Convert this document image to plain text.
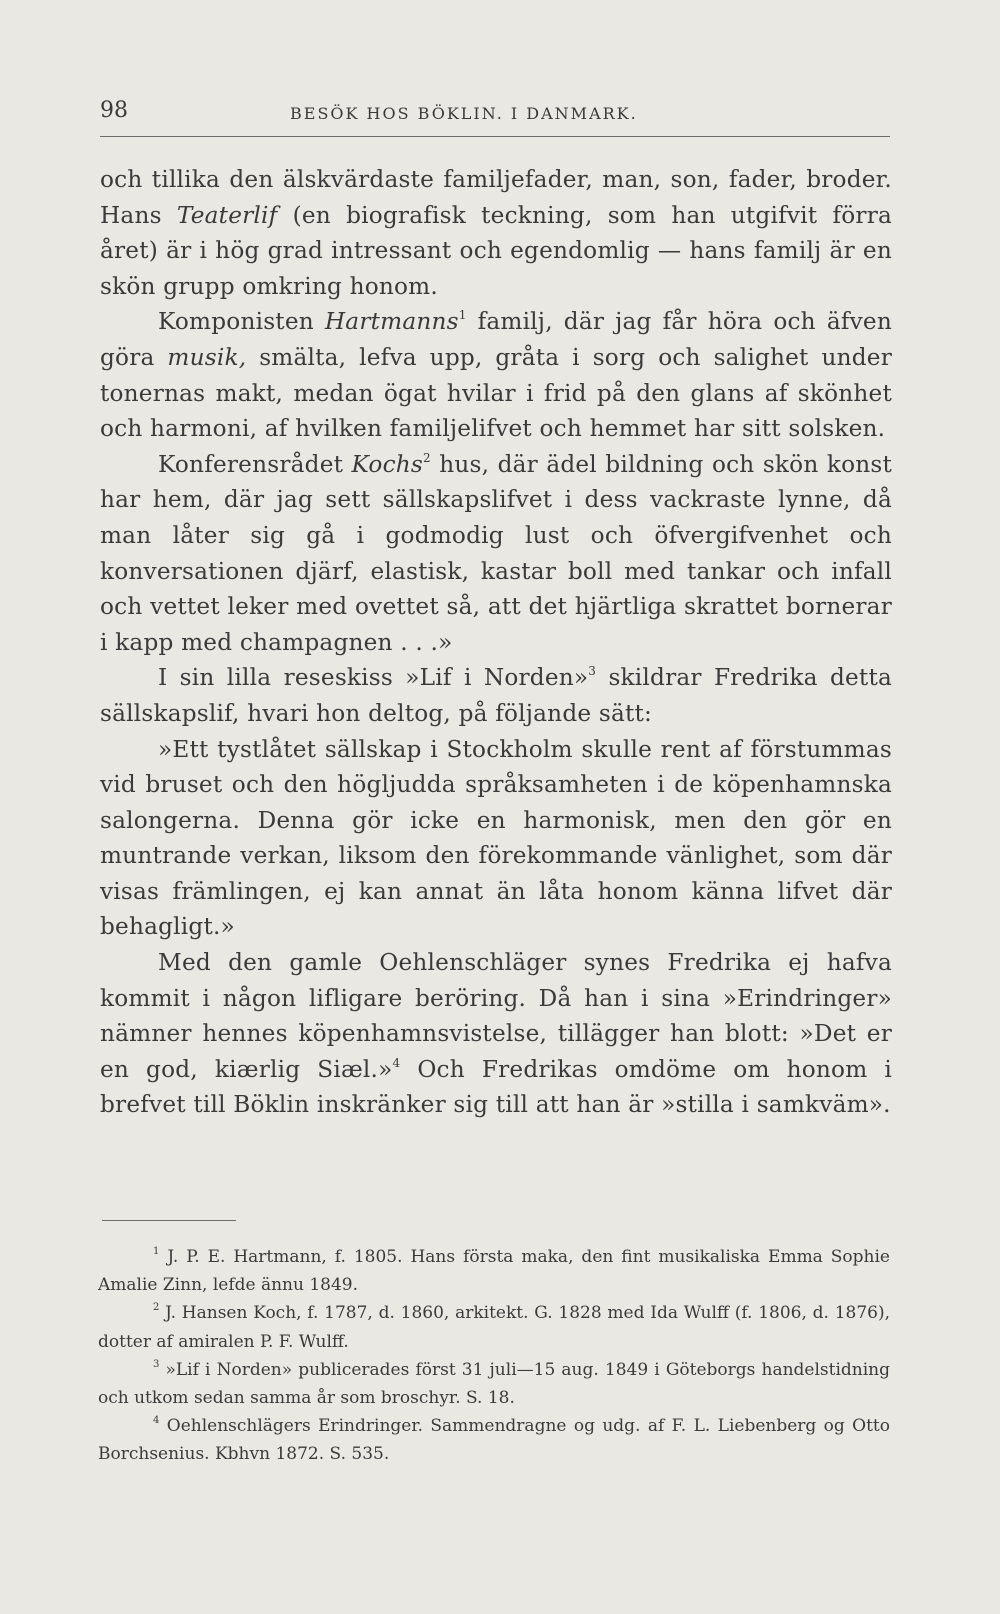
98	BESÖK HOS BÖKLIN. I DANMARK.

och tillika den älskvärdaste familjefader, man, son, fader, broder. Hans Teaterlif (en biografisk teckning, som han utgifvit förra året) är i hög grad intressant och egendomlig — hans familj är en skön grupp omkring honom.

Komponisten Hartmanns$^1$ familj, där jag får höra och äfven göra musik, smälta, lefva upp, gråta i sorg och salighet under tonernas makt, medan ögat hvilar i frid på den glans af skönhet och harmoni, af hvilken familjelifvet och hemmet har sitt solsken.

Konferensrådet Kochs$^2$ hus, där ädel bildning och skön konst har hem, där jag sett sällskapslifvet i dess vackraste lynne, då man låter sig gå i godmodig lust och öfvergifvenhet och konversationen djärf, elastisk, kastar boll med tankar och infall och vettet leker med ovettet så, att det hjärtliga skrattet bornerar i kapp med champagnen . . .»

I sin lilla reseskiss »Lif i Norden»$^3$ skildrar Fredrika detta sällskapslif, hvari hon deltog, på följande sätt:

»Ett tystlåtet sällskap i Stockholm skulle rent af förstummas vid bruset och den högljudda språksamheten i de köpenhamnska salongerna. Denna gör icke en harmonisk, men den gör en muntrande verkan, liksom den förekommande vänlighet, som där visas främlingen, ej kan annat än låta honom känna lifvet där behagligt.»

Med den gamle Oehlenschläger synes Fredrika ej hafva kommit i någon lifligare beröring. Då han i sina »Erindringer» nämner hennes köpenhamnsvistelse, tillägger han blott: »Det er en god, kiærlig Siæl.»$^4$ Och Fredrikas omdöme om honom i brefvet till Böklin inskränker sig till att han är »stilla i samkväm».

$^1$ J. P. E. Hartmann, f. 1805. Hans första maka, den fint musikaliska Emma Sophie Amalie Zinn, lefde ännu 1849.

$^2$ J. Hansen Koch, f. 1787, d. 1860, arkitekt. G. 1828 med Ida Wulff (f. 1806, d. 1876), dotter af amiralen P. F. Wulff.

$^3$ »Lif i Norden» publicerades först 31 juli—15 aug. 1849 i Göteborgs handelstidning och utkom sedan samma år som broschyr. S. 18.

$^4$ Oehlenschlägers Erindringer. Sammendragne og udg. af F. L. Liebenberg og Otto Borchsenius. Kbhvn 1872. S. 535.
